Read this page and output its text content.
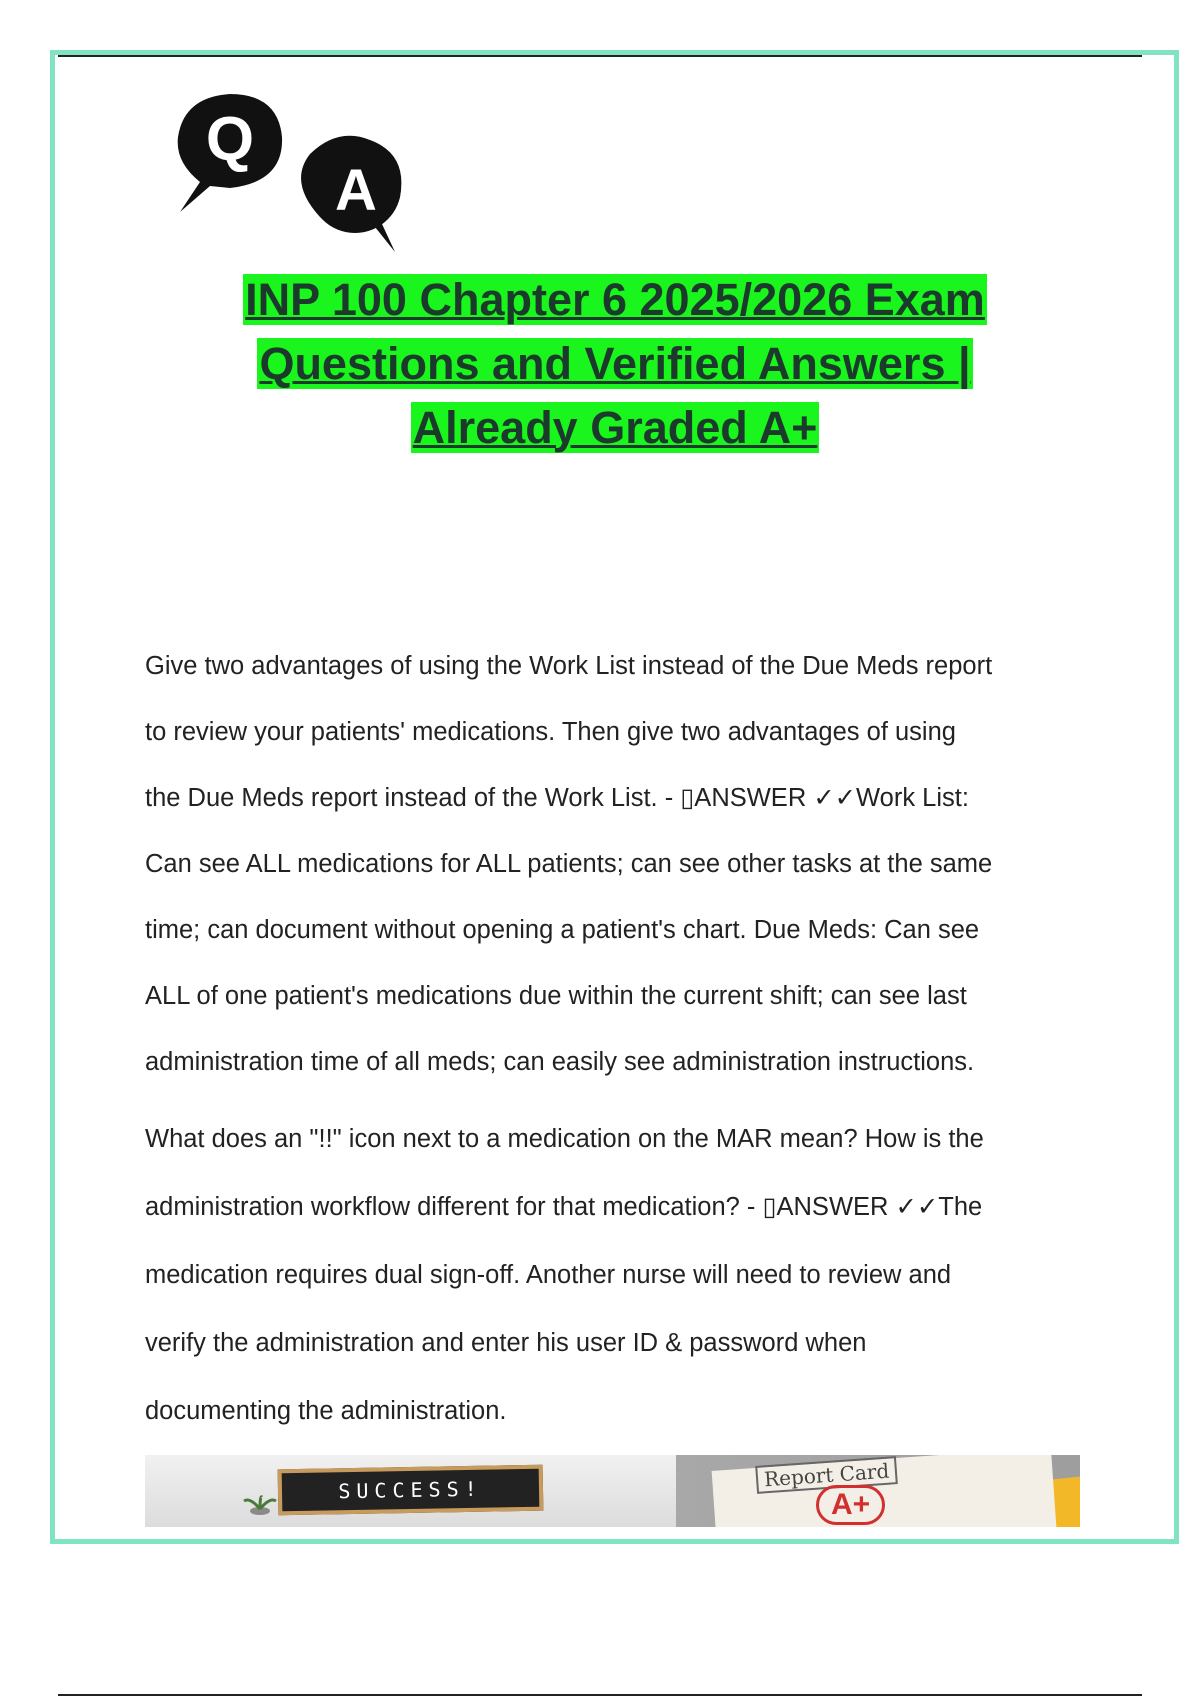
Q
A
INP 100 Chapter 6 2025/2026 Exam
Questions and Verified Answers |
Already Graded A+

Give two advantages of using the Work List instead of the Due Meds report

to review your patients' medications. Then give two advantages of using

the Due Meds report instead of the Work List. - ▯ANSWER ✓✓Work List:

Can see ALL medications for ALL patients; can see other tasks at the same

time; can document without opening a patient's chart. Due Meds: Can see

ALL of one patient's medications due within the current shift; can see last

administration time of all meds; can easily see administration instructions.

What does an "!!" icon next to a medication on the MAR mean? How is the

administration workflow different for that medication? - ▯ANSWER ✓✓The

medication requires dual sign-off. Another nurse will need to review and

verify the administration and enter his user ID & password when

documenting the administration.

SUCCESS!	Report Card
A+
